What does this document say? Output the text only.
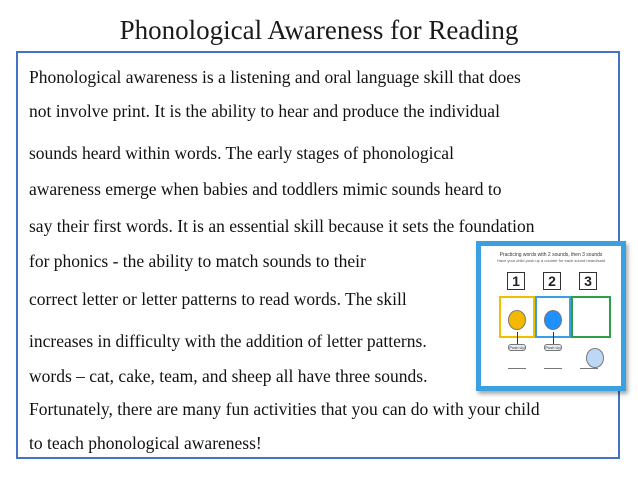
Phonological Awareness for Reading
Phonological awareness is a listening and oral language skill that does
not involve print. It is the ability to hear and produce the individual
sounds heard within words. The early stages of phonological
awareness emerge when babies and toddlers mimic sounds heard to
say their first words. It is an essential skill because it sets the foundation
for phonics - the ability to match sounds to their
correct letter or letter patterns to read words. The skill
increases in difficulty with the addition of letter patterns.
words – cat, cake, team, and sheep all have three sounds.
Fortunately, there are many fun activities that you can do with your child
to teach phonological awareness!
Practicing words with 2 sounds, then 3 sounds
Have your child push up a counter for each sound heard/said
1	2	3
Push Up	Push Up
